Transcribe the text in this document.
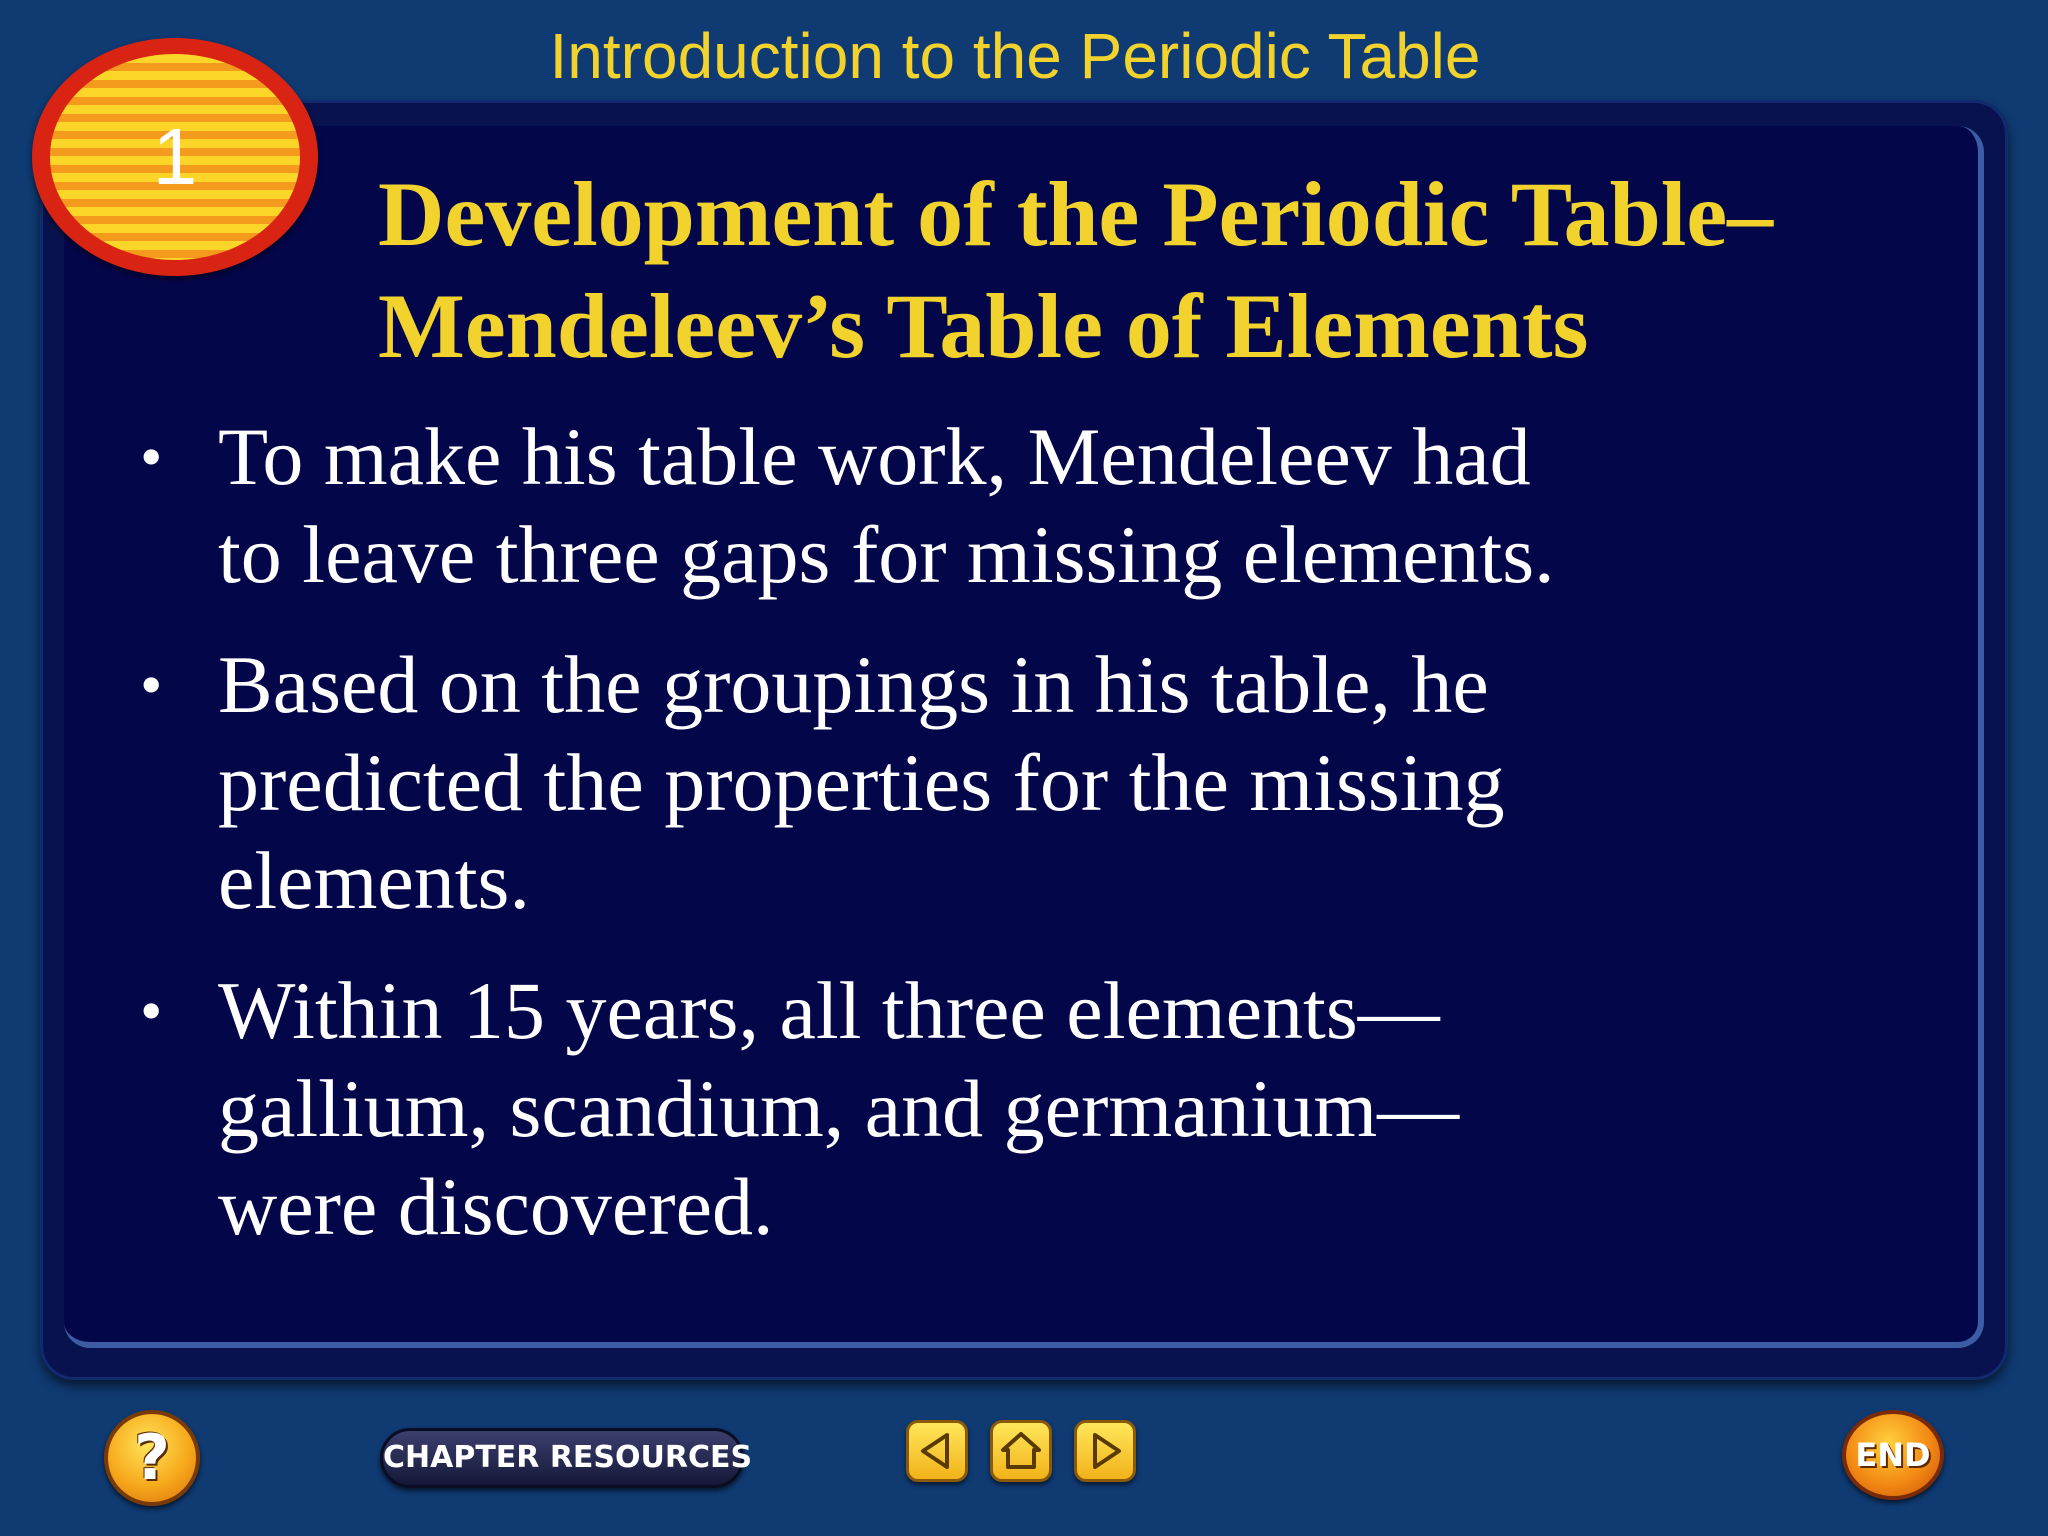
Introduction to the Periodic Table
1
Development of the Periodic Table–
Mendeleev’s Table of Elements
• To make his table work, Mendeleev had
to leave three gaps for missing elements.
• Based on the groupings in his table, he
predicted the properties for the missing
elements.
• Within 15 years, all three elements—
gallium, scandium, and germanium—
were discovered.
?	CHAPTER RESOURCES	END
